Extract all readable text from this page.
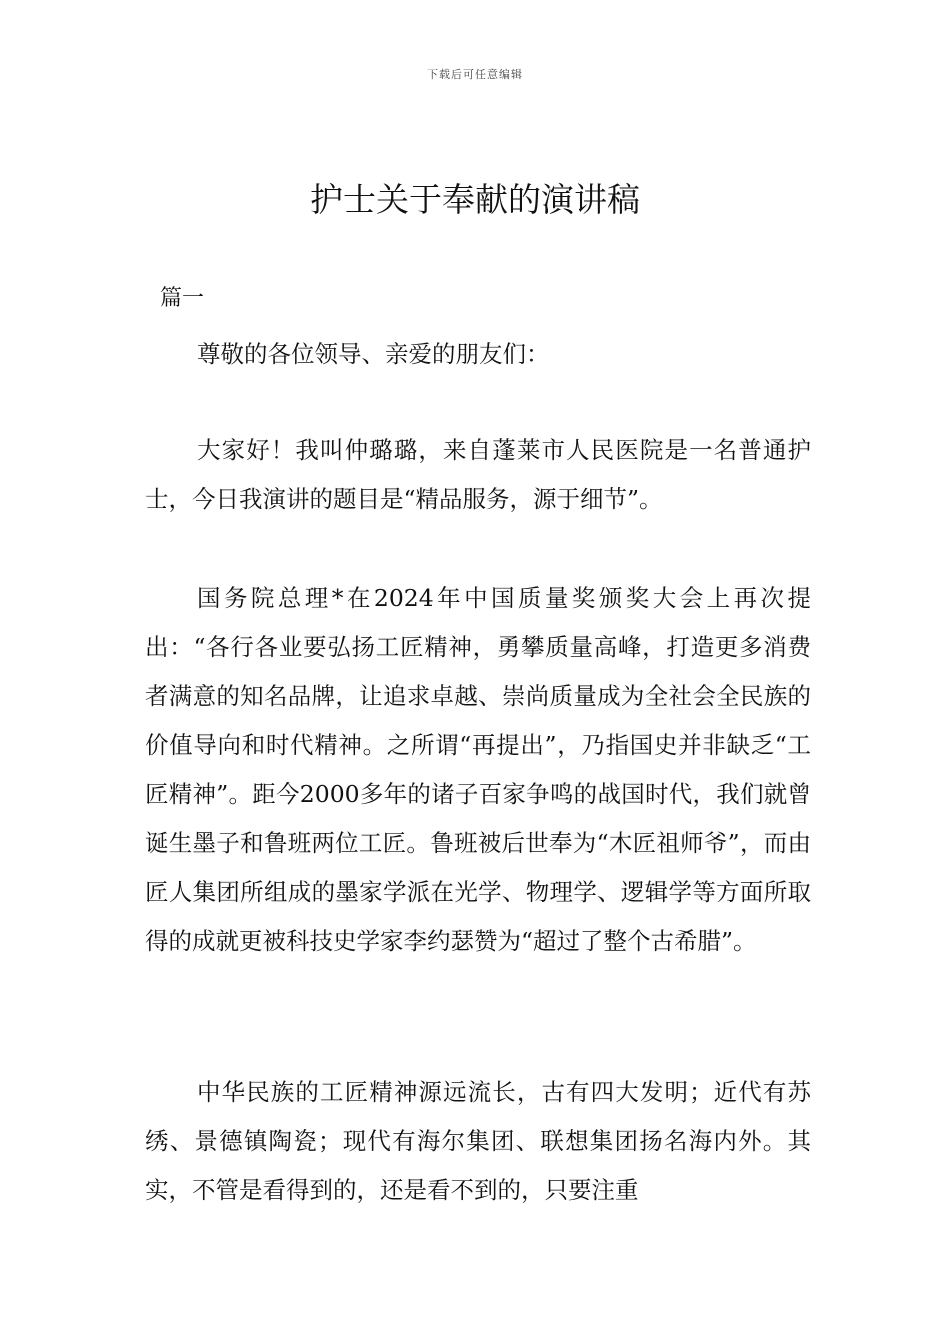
下载后可任意编辑
护士关于奉献的演讲稿
篇一

尊敬的各位领导、亲爱的朋友们：

大家好！我叫仲璐璐，来自蓬莱市人民医院是一名普通护士，今日我演讲的题目是“精品服务，源于细节”。

国务院总理*在2024年中国质量奖颁奖大会上再次提出：“各行各业要弘扬工匠精神，勇攀质量高峰，打造更多消费者满意的知名品牌，让追求卓越、崇尚质量成为全社会全民族的价值导向和时代精神。之所谓“再提出”，乃指国史并非缺乏“工匠精神”。距今2000多年的诸子百家争鸣的战国时代，我们就曾诞生墨子和鲁班两位工匠。鲁班被后世奉为“木匠祖师爷”，而由匠人集团所组成的墨家学派在光学、物理学、逻辑学等方面所取得的成就更被科技史学家李约瑟赞为“超过了整个古希腊”。

中华民族的工匠精神源远流长，古有四大发明；近代有苏绣、景德镇陶瓷；现代有海尔集团、联想集团扬名海内外。其实，不管是看得到的，还是看不到的，只要注重
